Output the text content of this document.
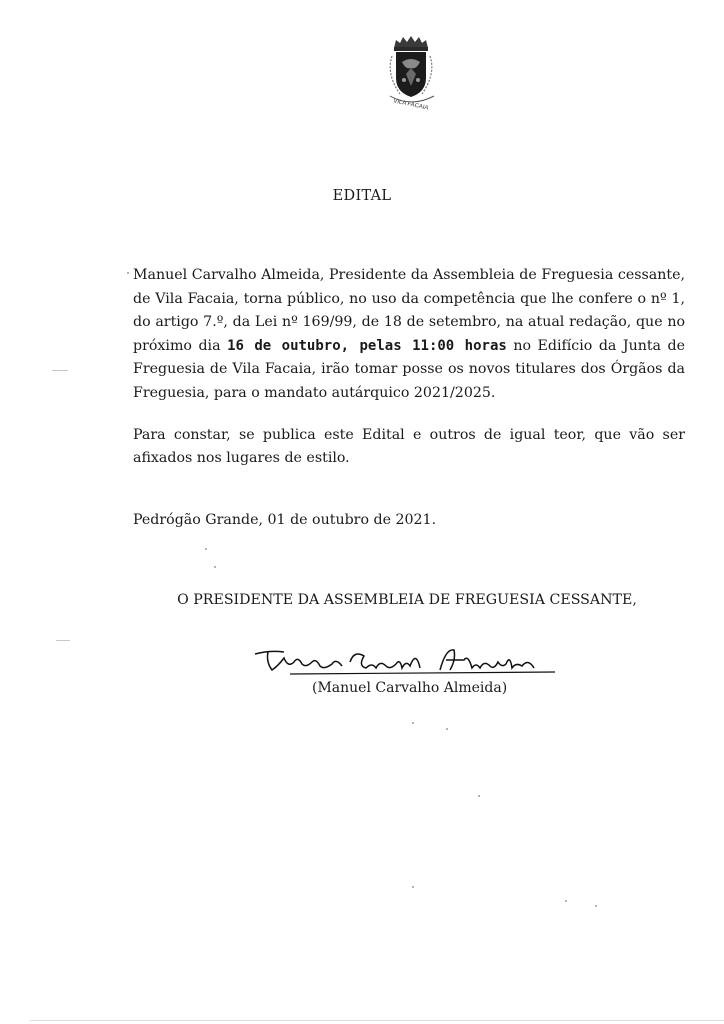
VILA FACAIA
EDITAL

Manuel Carvalho Almeida, Presidente da Assembleia de Freguesia cessante, de Vila Facaia, torna público, no uso da competência que lhe confere o nº 1, do artigo 7.º, da Lei nº 169/99, de 18 de setembro, na atual redação, que no próximo dia 16 de outubro, pelas 11:00 horas no Edifício da Junta de Freguesia de Vila Facaia, irão tomar posse os novos titulares dos Órgãos da Freguesia, para o mandato autárquico 2021/2025.

Para constar, se publica este Edital e outros de igual teor, que vão ser afixados nos lugares de estilo.

Pedrógão Grande, 01 de outubro de 2021.
O PRESIDENTE DA ASSEMBLEIA DE FREGUESIA CESSANTE,
(Manuel Carvalho Almeida)
